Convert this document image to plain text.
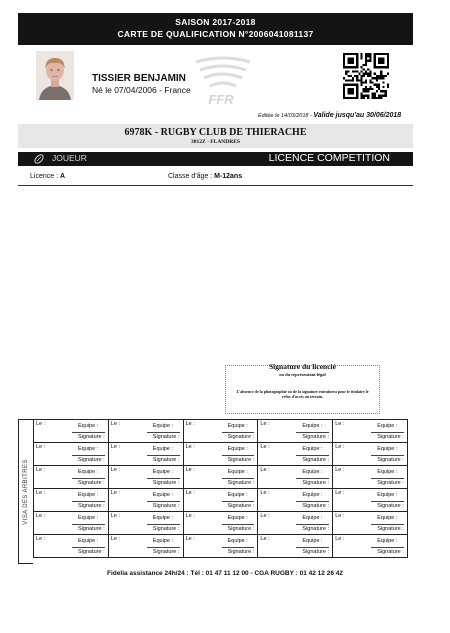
SAISON 2017-2018
CARTE DE QUALIFICATION N°2006041081137
TISSIER BENJAMIN
Né le 07/04/2006 - France
FFR
Editée le 14/03/2018 - Valide jusqu'au 30/06/2018
6978K - RUGBY CLUB DE THIERACHE
3012Z - FLANDRES
JOUEUR	LICENCE COMPETITION
Licence : A	Classe d'âge : M-12ans
Signature du licencié
ou du représentant légal
L'absence de la photographie ou de la signature entraînera pour le titulaire le refus d'accès au terrain.
VISA DES ARBITRES
Le : Equipe :
Signature :	Le : Equipe :
Signature :	Le : Equipe :
Signature :	Le : Equipe :
Signature :	Le : Equipe :
Signature :

Le : Equipe :
Signature :	Le : Equipe :
Signature :	Le : Equipe :
Signature :	Le : Equipe :
Signature :	Le : Equipe :
Signature :

Le : Equipe :
Signature :	Le : Equipe :
Signature :	Le : Equipe :
Signature :	Le : Equipe :
Signature :	Le : Equipe :
Signature :

Le : Equipe :
Signature :	Le : Equipe :
Signature :	Le : Equipe :
Signature :	Le : Equipe :
Signature :	Le : Equipe :
Signature :

Le : Equipe :
Signature :	Le : Equipe :
Signature :	Le : Equipe :
Signature :	Le : Equipe :
Signature :	Le : Equipe :
Signature :

Le : Equipe :
Signature :	Le : Equipe :
Signature :	Le : Equipe :
Signature :	Le : Equipe :
Signature :	Le : Equipe :
Signature :
Fidelia assistance 24h/24 : Tél : 01 47 11 12 00 - CGA RUGBY : 01 42 12 26 42
